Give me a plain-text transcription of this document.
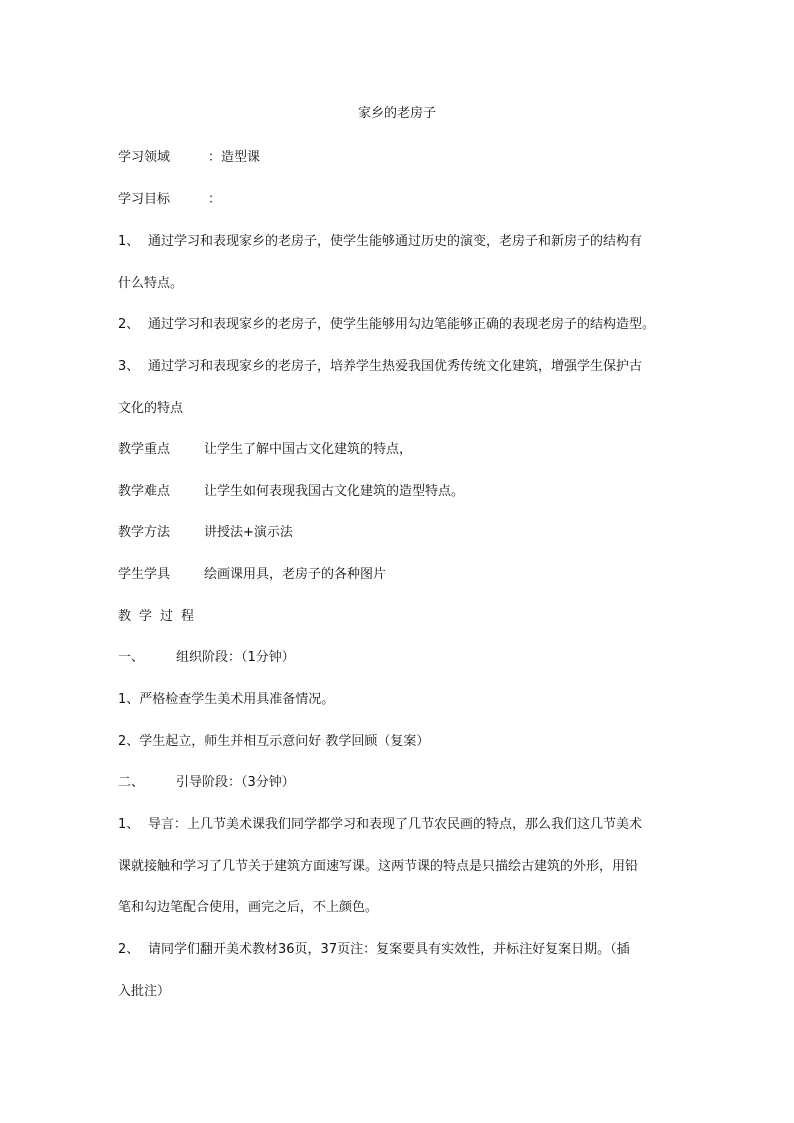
家乡的老房子
学习领域	：造型课
学习目标	：
1、 通过学习和表现家乡的老房子，使学生能够通过历史的演变，老房子和新房子的结构有
什么特点。
2、 通过学习和表现家乡的老房子，使学生能够用勾边笔能够正确的表现老房子的结构造型。
3、 通过学习和表现家乡的老房子，培养学生热爱我国优秀传统文化建筑，增强学生保护古
文化的特点
教学重点	让学生了解中国古文化建筑的特点，
教学难点	让学生如何表现我国古文化建筑的造型特点。
教学方法	讲授法+演示法
学生学具	绘画课用具，老房子的各种图片
教学过程
一、 组织阶段：（1分钟）
1、严格检查学生美术用具准备情况。
2、学生起立，师生并相互示意问好 教学回顾（复案）
二、 引导阶段：（3分钟）
1、 导言：上几节美术课我们同学都学习和表现了几节农民画的特点，那么我们这几节美术
课就接触和学习了几节关于建筑方面速写课。这两节课的特点是只描绘古建筑的外形，用铅
笔和勾边笔配合使用，画完之后，不上颜色。
2、 请同学们翻开美术教材36页，37页注：复案要具有实效性，并标注好复案日期。（插
入批注）
